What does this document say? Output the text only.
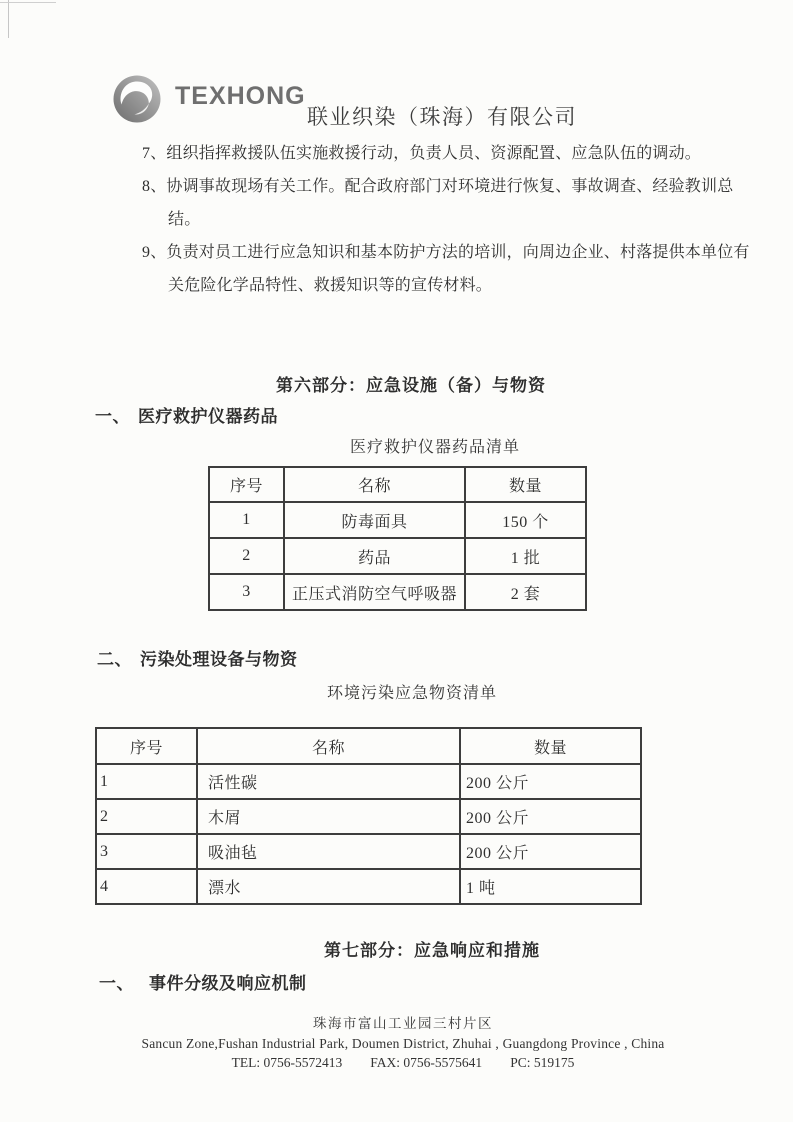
TEXHONG
联业织染（珠海）有限公司

7、组织指挥救援队伍实施救援行动，负责人员、资源配置、应急队伍的调动。

8、协调事故现场有关工作。配合政府部门对环境进行恢复、事故调查、经验教训总结。

9、负责对员工进行应急知识和基本防护方法的培训，向周边企业、村落提供本单位有关危险化学品特性、救援知识等的宣传材料。

第六部分：应急设施（备）与物资
一、 医疗救护仪器药品
医疗救护仪器药品清单
序号	名称	数量
1	防毒面具	150 个
2	药品	1 批
3	正压式消防空气呼吸器	2 套
二、 污染处理设备与物资
环境污染应急物资清单
序号	名称	数量
1	活性碳	200 公斤
2	木屑	200 公斤
3	吸油毡	200 公斤
4	漂水	1 吨
第七部分：应急响应和措施
一、 事件分级及响应机制
珠海市富山工业园三村片区
Sancun Zone,Fushan Industrial Park, Doumen District, Zhuhai , Guangdong Province , China
TEL: 0756-5572413 FAX: 0756-5575641 PC: 519175
